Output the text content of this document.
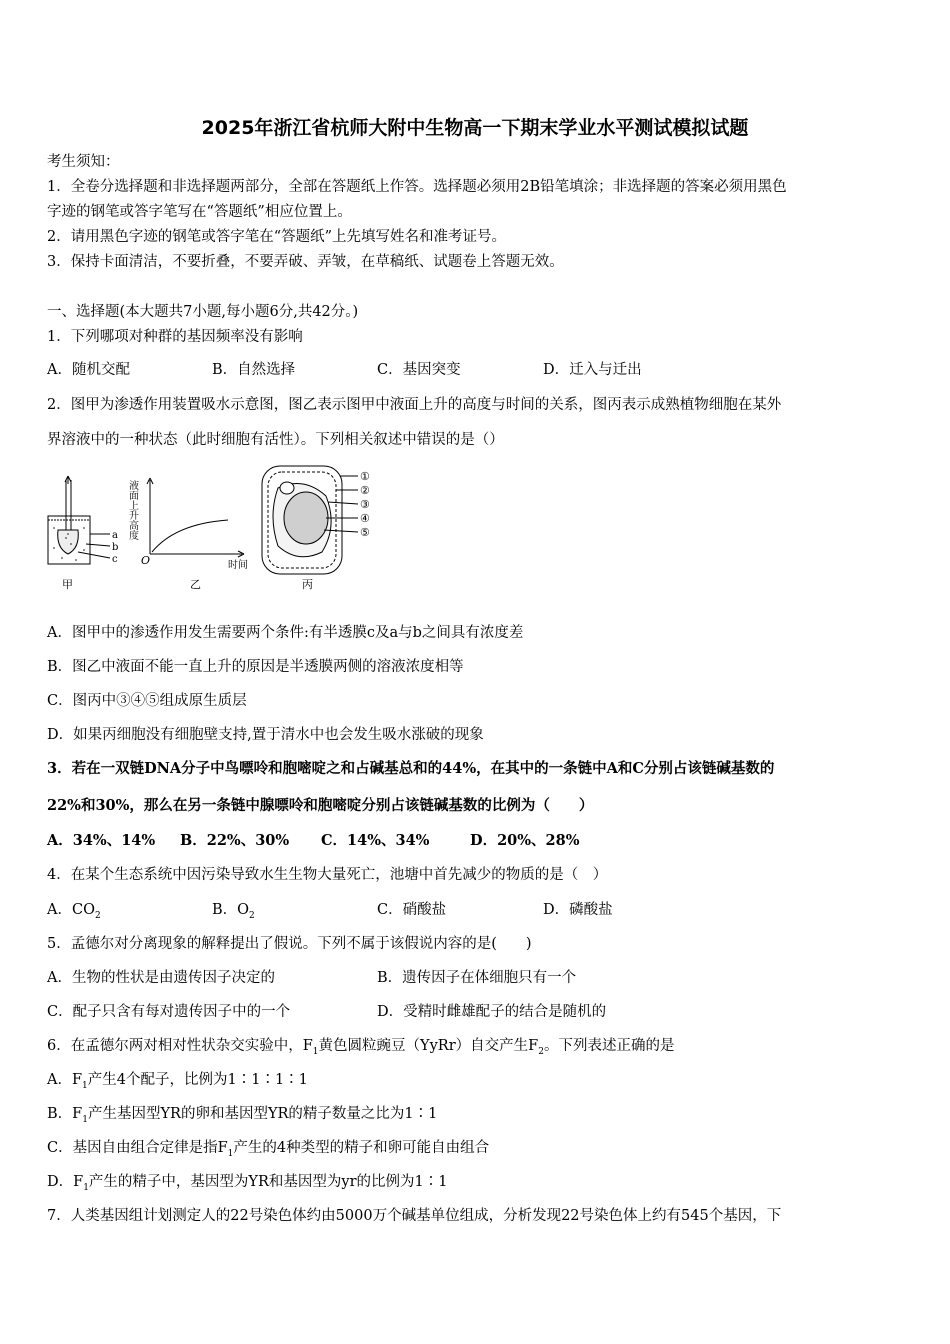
2025年浙江省杭师大附中生物高一下期末学业水平测试模拟试题
考生须知：
1．全卷分选择题和非选择题两部分，全部在答题纸上作答。选择题必须用2B铅笔填涂；非选择题的答案必须用黑色
字迹的钢笔或答字笔写在“答题纸”相应位置上。
2．请用黑色字迹的钢笔或答字笔在“答题纸”上先填写姓名和准考证号。
3．保持卡面清洁，不要折叠，不要弄破、弄皱，在草稿纸、试题卷上答题无效。
一、选择题(本大题共7小题,每小题6分,共42分。)
1．下列哪项对种群的基因频率没有影响
A．随机交配	B．自然选择	C．基因突变	D．迁入与迁出
2．图甲为渗透作用装置吸水示意图，图乙表示图甲中液面上升的高度与时间的关系，图丙表示成熟植物细胞在某外
界溶液中的一种状态（此时细胞有活性）。下列相关叙述中错误的是（）
a
b
c
甲
液面上升高度
O	时间
乙
①
②
③
④
⑤
丙
A．图甲中的渗透作用发生需要两个条件:有半透膜c及a与b之间具有浓度差
B．图乙中液面不能一直上升的原因是半透膜两侧的溶液浓度相等
C．图丙中③④⑤组成原生质层
D．如果丙细胞没有细胞壁支持,置于清水中也会发生吸水涨破的现象
3．若在一双链DNA分子中鸟嘌呤和胞嘧啶之和占碱基总和的44%，在其中的一条链中A和C分别占该链碱基数的
22%和30%，那么在另一条链中腺嘌呤和胞嘧啶分别占该链碱基数的比例为（　　）
A．34%、14% B．22%、30% C．14%、34%	D．20%、28%
4．在某个生态系统中因污染导致水生生物大量死亡，池塘中首先减少的物质的是（　）
A．$CO_2$	B．$O_2$	C．硝酸盐	D．磷酸盐
5．孟德尔对分离现象的解释提出了假说。下列不属于该假说内容的是(　　)
A．生物的性状是由遗传因子决定的	B．遗传因子在体细胞只有一个
C．配子只含有每对遗传因子中的一个	D．受精时雌雄配子的结合是随机的
6．在孟德尔两对相对性状杂交实验中，$F_1$黄色圆粒豌豆（YyRr）自交产生$F_2$。下列表述正确的是
A．$F_1$产生4个配子，比例为1∶1∶1∶1
B．$F_1$产生基因型YR的卵和基因型YR的精子数量之比为1∶1
C．基因自由组合定律是指$F_1$产生的4种类型的精子和卵可能自由组合
D．$F_1$产生的精子中，基因型为YR和基因型为yr的比例为1∶1
7．人类基因组计划测定人的22号染色体约由5000万个碱基单位组成，分析发现22号染色体上约有545个基因，下
